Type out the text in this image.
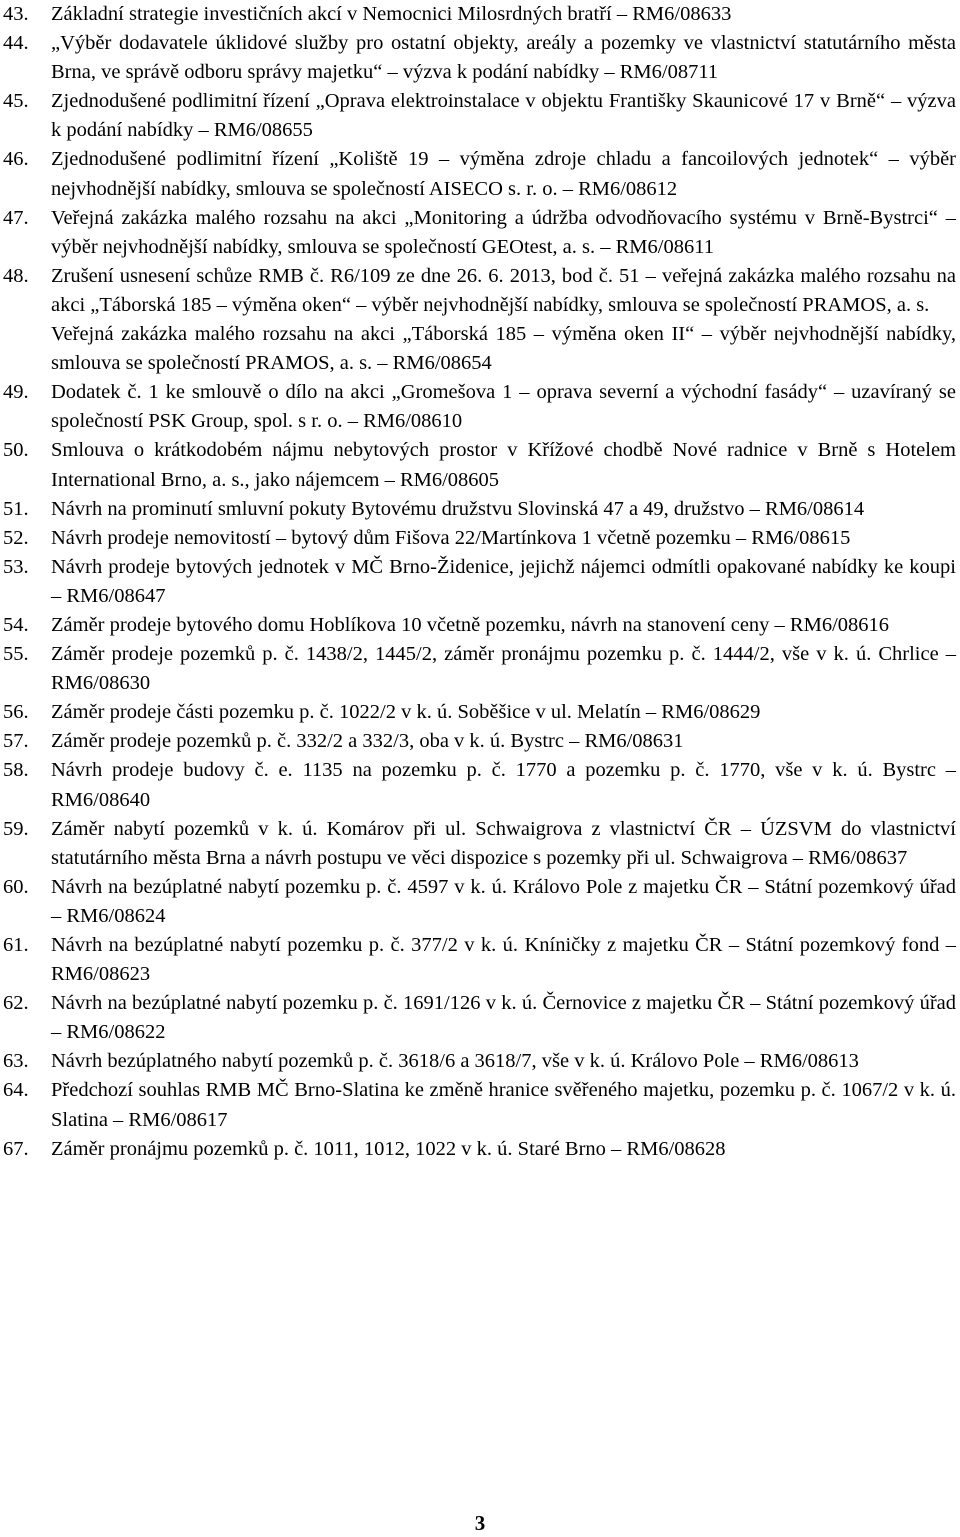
43.	Základní strategie investičních akcí v Nemocnici Milosrdných bratří – RM6/08633

44.	„Výběr dodavatele úklidové služby pro ostatní objekty, areály a pozemky ve vlastnictví statutárního města Brna, ve správě odboru správy majetku“ – výzva k podání nabídky – RM6/08711

45.	Zjednodušené podlimitní řízení „Oprava elektroinstalace v objektu Františky Skaunicové 17 v Brně“ – výzva k podání nabídky – RM6/08655

46.	Zjednodušené podlimitní řízení „Koliště 19 – výměna zdroje chladu a fancoilových jednotek“ – výběr nejvhodnější nabídky, smlouva se společností AISECO s. r. o. – RM6/08612

47.	Veřejná zakázka malého rozsahu na akci „Monitoring a údržba odvodňovacího systému v Brně-Bystrci“ – výběr nejvhodnější nabídky, smlouva se společností GEOtest, a. s. – RM6/08611

48.	Zrušení usnesení schůze RMB č. R6/109 ze dne 26. 6. 2013, bod č. 51 – veřejná zakázka malého rozsahu na akci „Táborská 185 – výměna oken“ – výběr nejvhodnější nabídky, smlouva se společností PRAMOS, a. s.

Veřejná zakázka malého rozsahu na akci „Táborská 185 – výměna oken II“ – výběr nejvhodnější nabídky, smlouva se společností PRAMOS, a. s. – RM6/08654

49.	Dodatek č. 1 ke smlouvě o dílo na akci „Gromešova 1 – oprava severní a východní fasády“ – uzavíraný se společností PSK Group, spol. s r. o. – RM6/08610

50.	Smlouva o krátkodobém nájmu nebytových prostor v Křížové chodbě Nové radnice v Brně s Hotelem International Brno, a. s., jako nájemcem – RM6/08605

51.	Návrh na prominutí smluvní pokuty Bytovému družstvu Slovinská 47 a 49, družstvo – RM6/08614

52.	Návrh prodeje nemovitostí – bytový dům Fišova 22/Martínkova 1 včetně pozemku – RM6/08615

53.	Návrh prodeje bytových jednotek v MČ Brno-Židenice, jejichž nájemci odmítli opakované nabídky ke koupi – RM6/08647

54.	Záměr prodeje bytového domu Hoblíkova 10 včetně pozemku, návrh na stanovení ceny – RM6/08616

55.	Záměr prodeje pozemků p. č. 1438/2, 1445/2, záměr pronájmu pozemku p. č. 1444/2, vše v k. ú. Chrlice – RM6/08630

56.	Záměr prodeje části pozemku p. č. 1022/2 v k. ú. Soběšice v ul. Melatín – RM6/08629

57.	Záměr prodeje pozemků p. č. 332/2 a 332/3, oba v k. ú. Bystrc – RM6/08631

58.	Návrh prodeje budovy č. e. 1135 na pozemku p. č. 1770 a pozemku p. č. 1770, vše v k. ú. Bystrc – RM6/08640

59.	Záměr nabytí pozemků v k. ú. Komárov při ul. Schwaigrova z vlastnictví ČR – ÚZSVM do vlastnictví statutárního města Brna a návrh postupu ve věci dispozice s pozemky při ul. Schwaigrova – RM6/08637

60.	Návrh na bezúplatné nabytí pozemku p. č. 4597 v k. ú. Královo Pole z majetku ČR – Státní pozemkový úřad – RM6/08624

61.	Návrh na bezúplatné nabytí pozemku p. č. 377/2 v k. ú. Kníničky z majetku ČR – Státní pozemkový fond – RM6/08623

62.	Návrh na bezúplatné nabytí pozemku p. č. 1691/126 v k. ú. Černovice z majetku ČR – Státní pozemkový úřad – RM6/08622

63.	Návrh bezúplatného nabytí pozemků p. č. 3618/6 a 3618/7, vše v k. ú. Královo Pole – RM6/08613

64.	Předchozí souhlas RMB MČ Brno-Slatina ke změně hranice svěřeného majetku, pozemku p. č. 1067/2 v k. ú. Slatina – RM6/08617

67.	Záměr pronájmu pozemků p. č. 1011, 1012, 1022 v k. ú. Staré Brno – RM6/08628

3
